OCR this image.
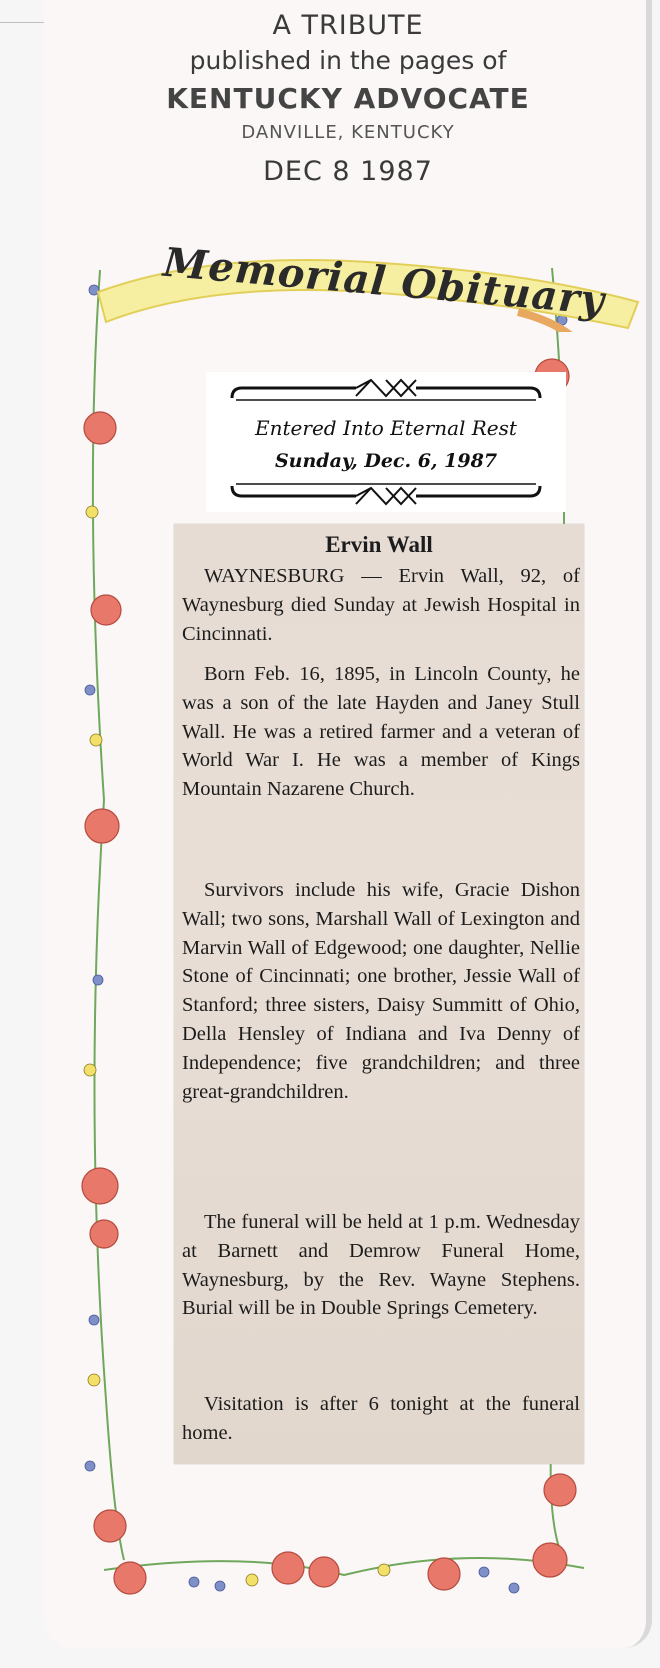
A TRIBUTE
published in the pages of
KENTUCKY ADVOCATE
DANVILLE, KENTUCKY
DEC 8 1987
Memorial Obituary
Entered Into Eternal Rest
Sunday, Dec. 6, 1987
Ervin Wall
WAYNESBURG — Ervin Wall, 92, of Waynesburg died Sunday at Jewish Hospital in Cincinnati.
Born Feb. 16, 1895, in Lincoln County, he was a son of the late Hayden and Janey Stull Wall. He was a retired farmer and a veteran of World War I. He was a member of Kings Mountain Nazarene Church.
Survivors include his wife, Gracie Dishon Wall; two sons, Marshall Wall of Lexington and Marvin Wall of Edgewood; one daughter, Nellie Stone of Cincinnati; one brother, Jessie Wall of Stanford; three sisters, Daisy Summitt of Ohio, Della Hensley of Indiana and Iva Denny of Independence; five grandchildren; and three great-grandchildren.
The funeral will be held at 1 p.m. Wednesday at Barnett and Demrow Funeral Home, Waynesburg, by the Rev. Wayne Stephens. Burial will be in Double Springs Cemetery.
Visitation is after 6 tonight at the funeral home.
